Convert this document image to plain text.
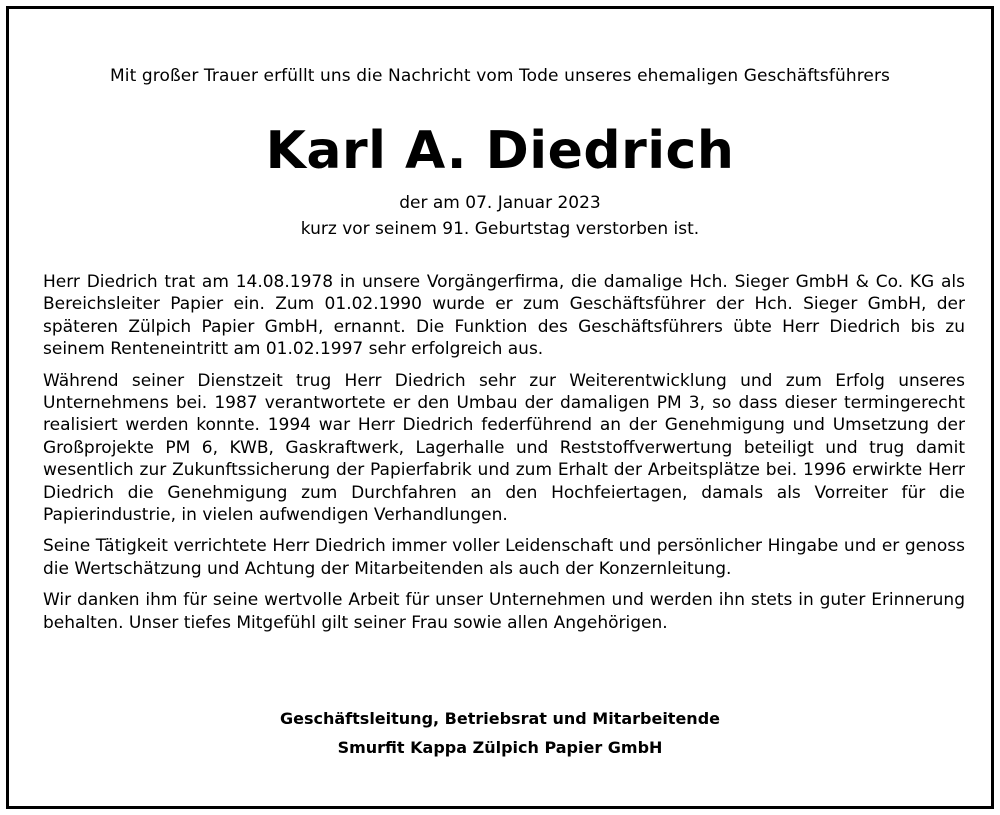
Mit großer Trauer erfüllt uns die Nachricht vom Tode unseres ehemaligen Geschäftsführers
Karl A. Diedrich
der am 07. Januar 2023
kurz vor seinem 91. Geburtstag verstorben ist.

Herr Diedrich trat am 14.08.1978 in unsere Vorgängerfirma, die damalige Hch. Sieger GmbH & Co. KG als Bereichsleiter Papier ein. Zum 01.02.1990 wurde er zum Geschäftsführer der Hch. Sieger GmbH, der späteren Zülpich Papier GmbH, ernannt. Die Funktion des Geschäftsführers übte Herr Diedrich bis zu seinem Renteneintritt am 01.02.1997 sehr erfolgreich aus.

Während seiner Dienstzeit trug Herr Diedrich sehr zur Weiterentwicklung und zum Erfolg unseres Unternehmens bei. 1987 verantwortete er den Umbau der damaligen PM 3, so dass dieser termingerecht realisiert werden konnte. 1994 war Herr Diedrich federführend an der Genehmigung und Umsetzung der Großprojekte PM 6, KWB, Gaskraftwerk, Lagerhalle und Reststoffverwertung beteiligt und trug damit wesentlich zur Zukunftssicherung der Papierfabrik und zum Erhalt der Arbeitsplätze bei. 1996 erwirkte Herr Diedrich die Genehmigung zum Durchfahren an den Hochfeiertagen, damals als Vorreiter für die Papierindustrie, in vielen aufwendigen Verhandlungen.

Seine Tätigkeit verrichtete Herr Diedrich immer voller Leidenschaft und persönlicher Hingabe und er genoss die Wertschätzung und Achtung der Mitarbeitenden als auch der Konzernleitung.

Wir danken ihm für seine wertvolle Arbeit für unser Unternehmen und werden ihn stets in guter Erinnerung behalten. Unser tiefes Mitgefühl gilt seiner Frau sowie allen Angehörigen.

Geschäftsleitung, Betriebsrat und Mitarbeitende
Smurfit Kappa Zülpich Papier GmbH
